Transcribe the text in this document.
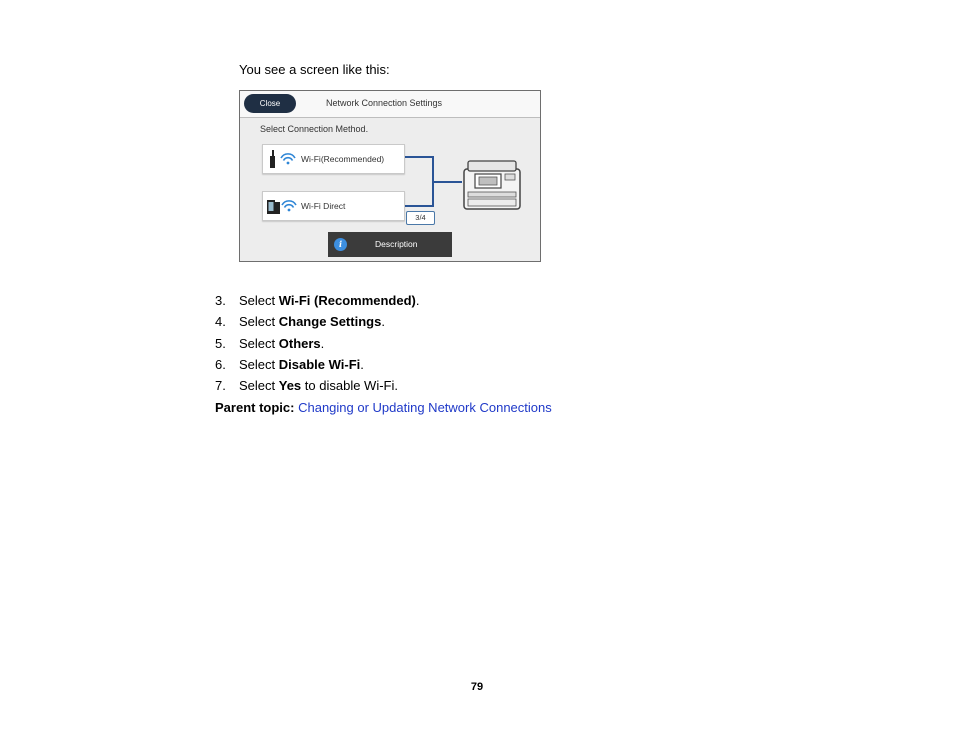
You see a screen like this:
Close	Network Connection Settings
Select Connection Method.
Wi-Fi(Recommended)
Wi-Fi Direct
3/4
i	Description
3. Select Wi-Fi (Recommended).
4. Select Change Settings.
5. Select Others.
6. Select Disable Wi-Fi.
7. Select Yes to disable Wi-Fi.
Parent topic: Changing or Updating Network Connections
79
